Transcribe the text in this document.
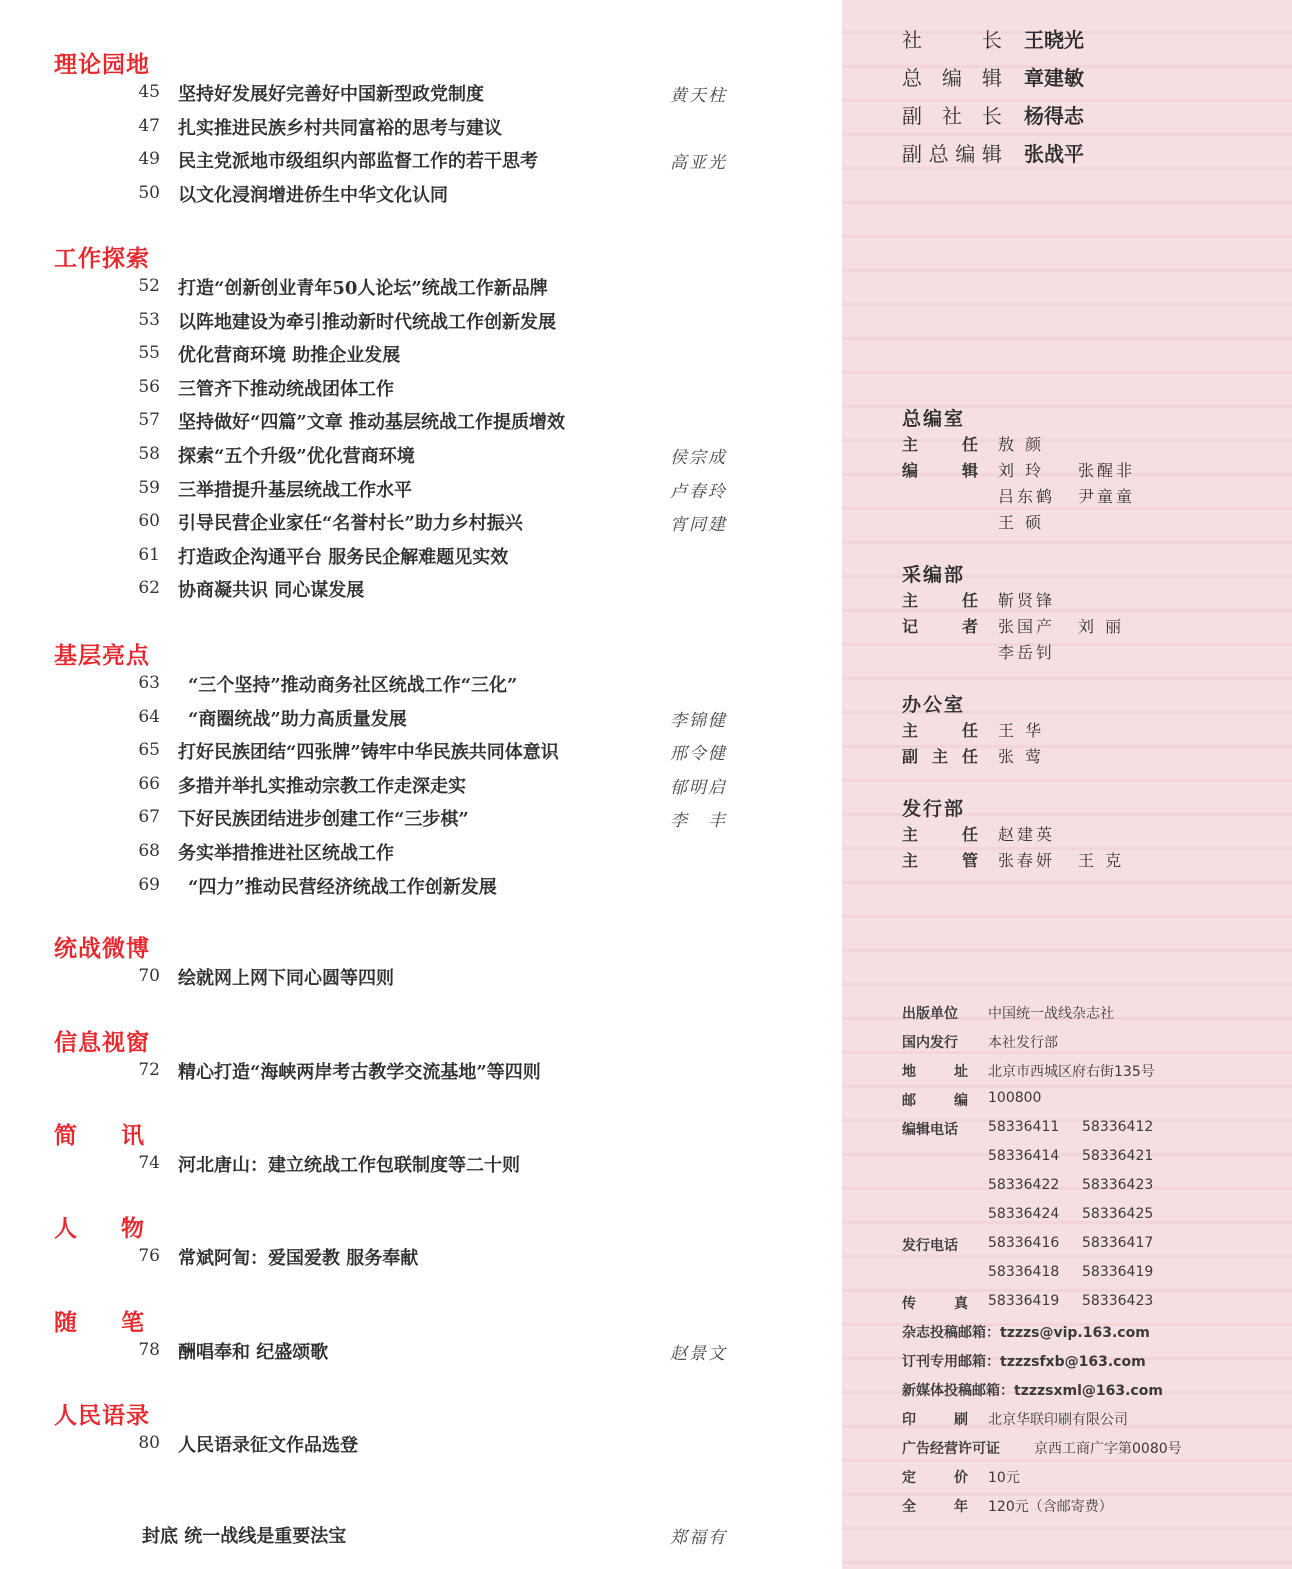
封底 统一战线是重要法宝	郑福有
理论园地
45 坚持好发展好完善好中国新型政党制度	黄天柱
47 扎实推进民族乡村共同富裕的思考与建议
49 民主党派地市级组织内部监督工作的若干思考	高亚光
50 以文化浸润增进侨生中华文化认同
工作探索
52 打造“创新创业青年50人论坛”统战工作新品牌
53 以阵地建设为牵引推动新时代统战工作创新发展
55 优化营商环境 助推企业发展
56 三管齐下推动统战团体工作
57 坚持做好“四篇”文章 推动基层统战工作提质增效
58 探索“五个升级”优化营商环境	侯宗成
59 三举措提升基层统战工作水平	卢春玲
60 引导民营企业家任“名誉村长”助力乡村振兴	宵同建
61 打造政企沟通平台 服务民企解难题见实效
62 协商凝共识 同心谋发展
基层亮点
63 “三个坚持”推动商务社区统战工作“三化”
64 “商圈统战”助力高质量发展	李锦健
65 打好民族团结“四张牌”铸牢中华民族共同体意识	邢令健
66 多措并举扎实推动宗教工作走深走实	郁明启
67 下好民族团结进步创建工作“三步棋”	李　丰
68 务实举措推进社区统战工作
69 “四力”推动民营经济统战工作创新发展
统战微博
70 绘就网上网下同心圆等四则
信息视窗
72 精心打造“海峡两岸考古教学交流基地”等四则
简讯
74 河北唐山：建立统战工作包联制度等二十则
人物
76 常斌阿訇：爱国爱教 服务奉献
随笔
78 酬唱奉和 纪盛颂歌	赵景文
人民语录
80 人民语录征文作品选登
社	长 王晓光
总 编 辑 章建敏
副 社 长 杨得志
副 总 编 辑 张战平
总编室
主	任 敖 颜
编	辑 刘 玲 张醒非
吕东鹤 尹童童
王 硕
采编部
主	任 靳贤锋
记	者 张国产 刘 丽
李岳钊
办公室
主	任 王 华
副 主 任 张 莺
发行部
主	任 赵建英
主	管 张春妍 王 克
出版单位	中国统一战线杂志社
国内发行	本社发行部
地	址 北京市西城区府右街135号
邮	编 100800
编辑电话	58336411 58336412
58336414 58336421
58336422 58336423
58336424 58336425
发行电话	58336416 58336417
58336418 58336419
传	真 58336419 58336423
杂志投稿邮箱：tzzzs@vip.163.com
订刊专用邮箱：tzzzsfxb@163.com
新媒体投稿邮箱：tzzzsxml@163.com
印	刷 北京华联印刷有限公司
广告经营许可证 京西工商广字第0080号
定	价 10元
全	年 120元（含邮寄费）
